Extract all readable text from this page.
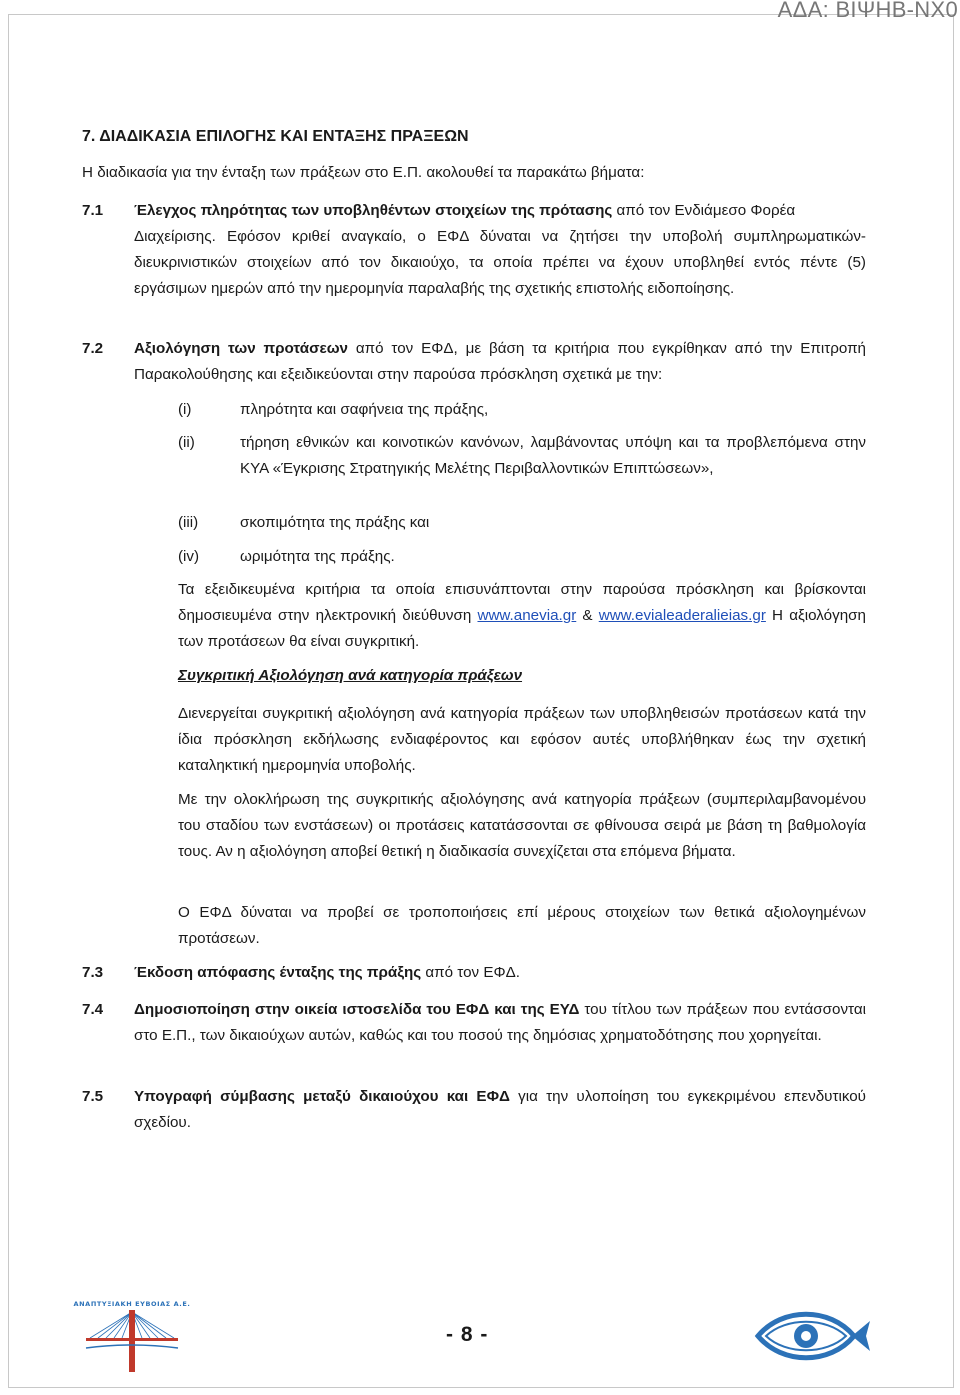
ΑΔΑ: ΒΙΨΗΒ-ΝΧ0

7. ΔΙΑΔΙΚΑΣΙΑ ΕΠΙΛΟΓΗΣ ΚΑΙ ΕΝΤΑΞΗΣ ΠΡΑΞΕΩΝ

Η διαδικασία για την ένταξη των πράξεων στο Ε.Π. ακολουθεί τα παρακάτω βήματα:

7.1 Έλεγχος πληρότητας των υποβληθέντων στοιχείων της πρότασης από τον Ενδιάμεσο Φορέα

Διαχείρισης. Εφόσον κριθεί αναγκαίο, ο ΕΦΔ δύναται να ζητήσει την υποβολή συμπληρωματικών-διευκρινιστικών στοιχείων από τον δικαιούχο, τα οποία πρέπει να έχουν υποβληθεί εντός πέντε (5) εργάσιμων ημερών από την ημερομηνία παραλαβής της σχετικής επιστολής ειδοποίησης.

7.2 Αξιολόγηση των προτάσεων από τον ΕΦΔ, με βάση τα κριτήρια που εγκρίθηκαν από την Επιτροπή Παρακολούθησης και εξειδικεύονται στην παρούσα πρόσκληση σχετικά με την:

(i)	πληρότητα και σαφήνεια της πράξης,

(ii)	τήρηση εθνικών και κοινοτικών κανόνων, λαμβάνοντας υπόψη και τα προβλεπόμενα στην ΚΥΑ «Έγκρισης Στρατηγικής Μελέτης Περιβαλλοντικών Επιπτώσεων»,

(iii)	σκοπιμότητα της πράξης και

(iv)	ωριμότητα της πράξης.

Τα εξειδικευμένα κριτήρια τα οποία επισυνάπτονται στην παρούσα πρόσκληση και βρίσκονται δημοσιευμένα στην ηλεκτρονική διεύθυνση www.anevia.gr & www.evialeaderalieias.gr Η αξιολόγηση των προτάσεων θα είναι συγκριτική.

Συγκριτική Αξιολόγηση ανά κατηγορία πράξεων

Διενεργείται συγκριτική αξιολόγηση ανά κατηγορία πράξεων των υποβληθεισών προτάσεων κατά την ίδια πρόσκληση εκδήλωσης ενδιαφέροντος και εφόσον αυτές υποβλήθηκαν έως την σχετική καταληκτική ημερομηνία υποβολής.

Με την ολοκλήρωση της συγκριτικής αξιολόγησης ανά κατηγορία πράξεων (συμπεριλαμβανομένου του σταδίου των ενστάσεων) οι προτάσεις κατατάσσονται σε φθίνουσα σειρά με βάση τη βαθμολογία τους. Αν η αξιολόγηση αποβεί θετική η διαδικασία συνεχίζεται στα επόμενα βήματα.

Ο ΕΦΔ δύναται να προβεί σε τροποποιήσεις επί μέρους στοιχείων των θετικά αξιολογημένων προτάσεων.

7.3 Έκδοση απόφασης ένταξης της πράξης από τον ΕΦΔ.

7.4 Δημοσιοποίηση στην οικεία ιστοσελίδα του ΕΦΔ και της ΕΥΔ του τίτλου των πράξεων που εντάσσονται στο Ε.Π., των δικαιούχων αυτών, καθώς και του ποσού της δημόσιας χρηματοδότησης που χορηγείται.

7.5 Υπογραφή σύμβασης μεταξύ δικαιούχου και ΕΦΔ για την υλοποίηση του εγκεκριμένου επενδυτικού σχεδίου.

ΑΝΑΠΤΥΞΙΑΚΗ ΕΥΒΟΙΑΣ Α.Ε.
- 8 -
